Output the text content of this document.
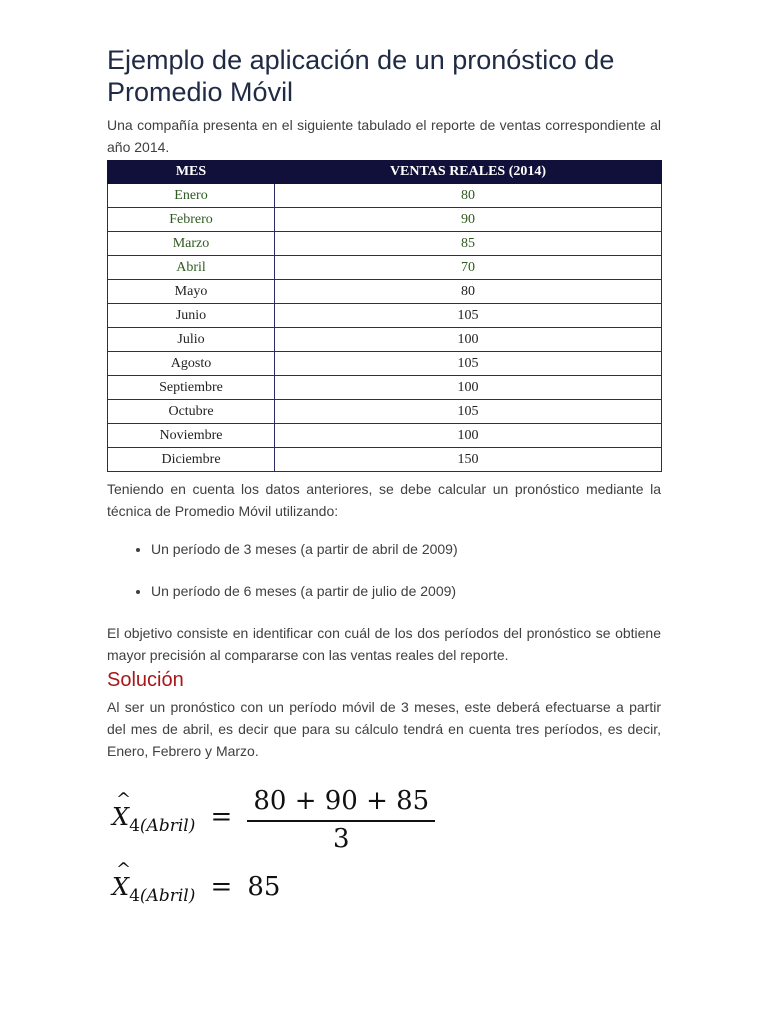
Ejemplo de aplicación de un pronóstico de
Promedio Móvil

Una compañía presenta en el siguiente tabulado el reporte de ventas correspondiente al año 2014.

MES	VENTAS REALES (2014)
Enero	80
Febrero	90
Marzo	85
Abril	70
Mayo	80
Junio	105
Julio	100
Agosto	105
Septiembre	100
Octubre	105
Noviembre	100
Diciembre	150

Teniendo en cuenta los datos anteriores, se debe calcular un pronóstico mediante la técnica de Promedio Móvil utilizando:

• Un período de 3 meses (a partir de abril de 2009)
• Un período de 6 meses (a partir de julio de 2009)

El objetivo consiste en identificar con cuál de los dos períodos del pronóstico se obtiene mayor precisión al compararse con las ventas reales del reporte.

Solución

Al ser un pronóstico con un período móvil de 3 meses, este deberá efectuarse a partir del mes de abril, es decir que para su cálculo tendrá en cuenta tres períodos, es decir, Enero, Febrero y Marzo.

^
X4(Abril) = $\frac{80 + 90 + 85}{3}$
^
X4(Abril) = 85
